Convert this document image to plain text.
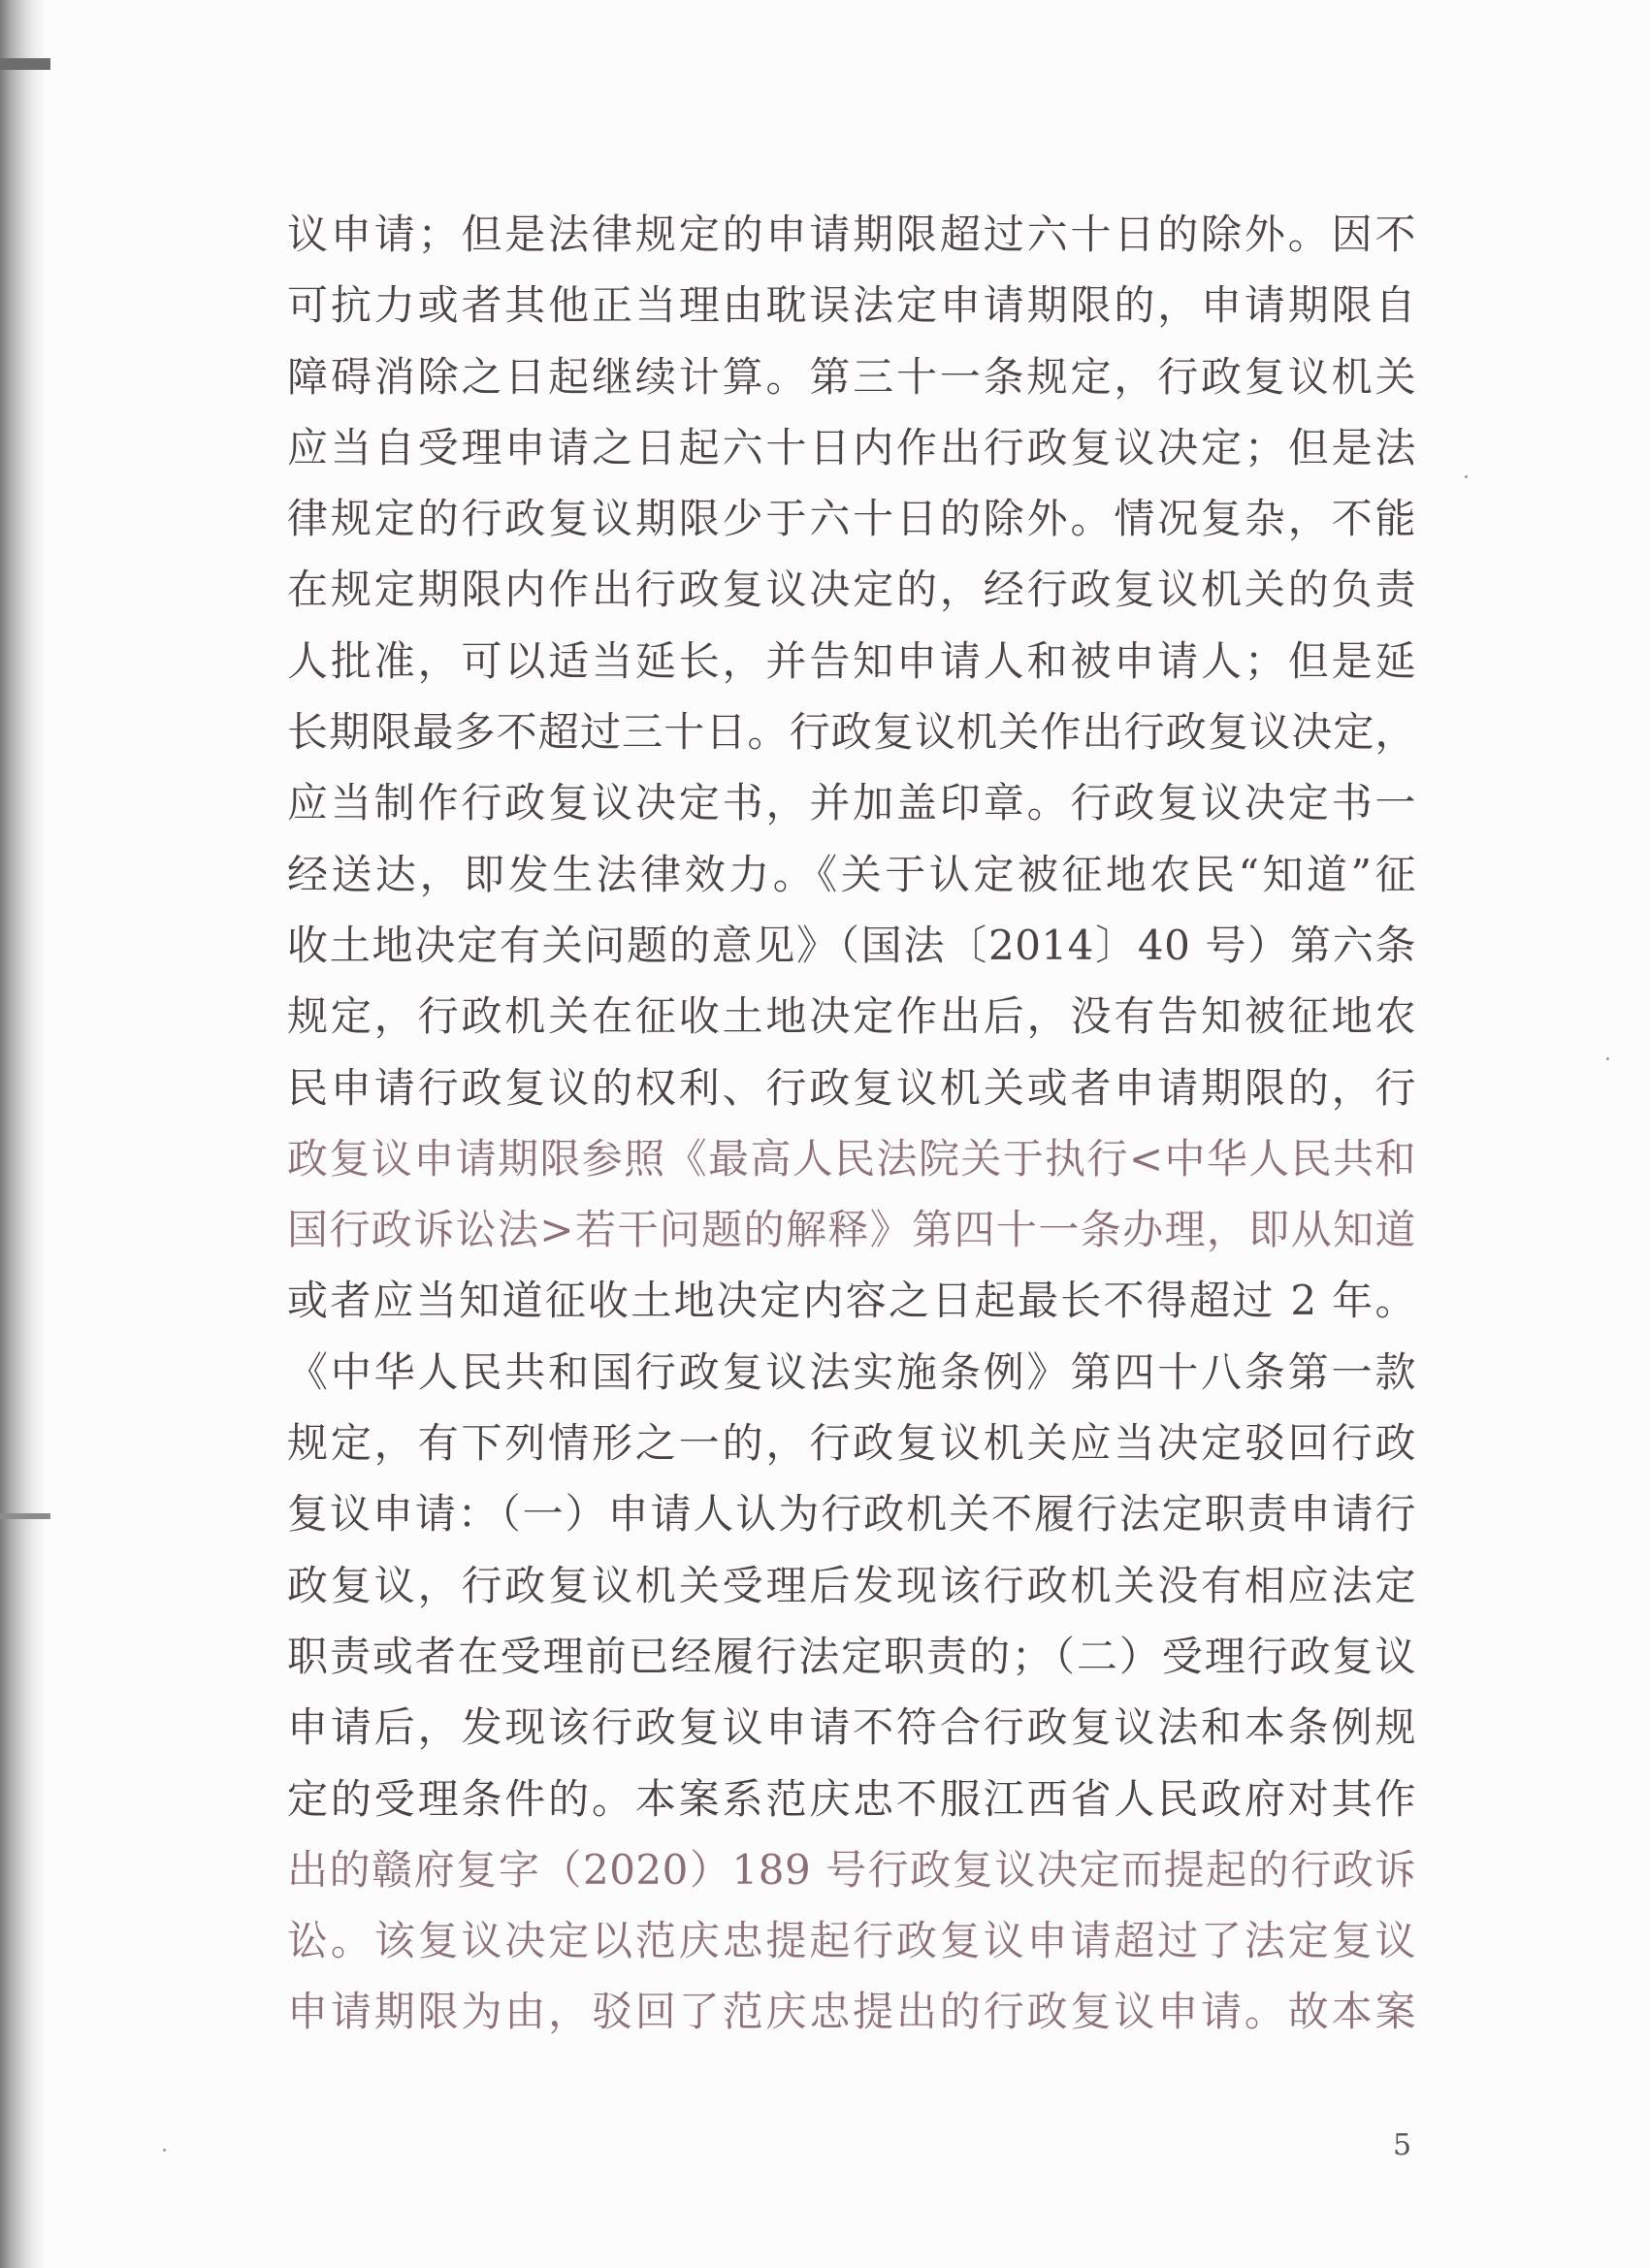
议申请；但是法律规定的申请期限超过六十日的除外。因不
可抗力或者其他正当理由耽误法定申请期限的，申请期限自
障碍消除之日起继续计算。第三十一条规定，行政复议机关
应当自受理申请之日起六十日内作出行政复议决定；但是法
律规定的行政复议期限少于六十日的除外。情况复杂，不能
在规定期限内作出行政复议决定的，经行政复议机关的负责
人批准，可以适当延长，并告知申请人和被申请人；但是延
长期限最多不超过三十日。行政复议机关作出行政复议决定，
应当制作行政复议决定书，并加盖印章。行政复议决定书一
经送达，即发生法律效力。《关于认定被征地农民“知道”征
收土地决定有关问题的意见》（国法〔2014〕40 号）第六条
规定，行政机关在征收土地决定作出后，没有告知被征地农
民申请行政复议的权利、行政复议机关或者申请期限的，行
政复议申请期限参照《最高人民法院关于执行<中华人民共和
国行政诉讼法>若干问题的解释》第四十一条办理，即从知道
或者应当知道征收土地决定内容之日起最长不得超过 2 年。
《中华人民共和国行政复议法实施条例》第四十八条第一款
规定，有下列情形之一的，行政复议机关应当决定驳回行政
复议申请：（一）申请人认为行政机关不履行法定职责申请行
政复议，行政复议机关受理后发现该行政机关没有相应法定
职责或者在受理前已经履行法定职责的；（二）受理行政复议
申请后，发现该行政复议申请不符合行政复议法和本条例规
定的受理条件的。本案系范庆忠不服江西省人民政府对其作
出的赣府复字（2020）189 号行政复议决定而提起的行政诉
讼。该复议决定以范庆忠提起行政复议申请超过了法定复议
申请期限为由，驳回了范庆忠提出的行政复议申请。故本案
5
